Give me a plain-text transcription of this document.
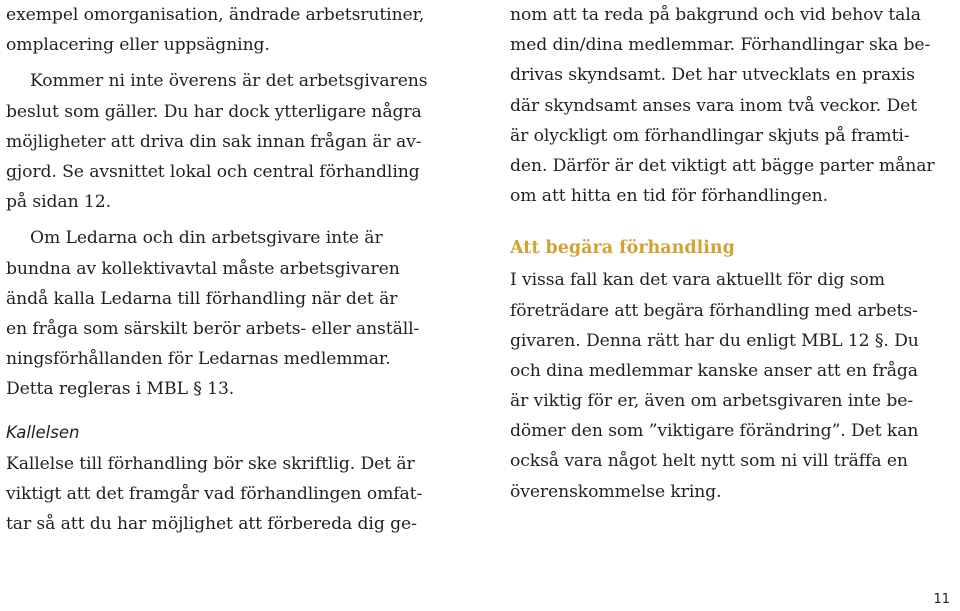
exempel omorganisation, ändrade arbetsrutiner,
omplacering eller uppsägning.
Kommer ni inte överens är det arbetsgivarens
beslut som gäller. Du har dock ytterligare några
möjligheter att driva din sak innan frågan är av-
gjord. Se avsnittet lokal och central förhandling
på sidan 12.
Om Ledarna och din arbetsgivare inte är
bundna av kollektivavtal måste arbetsgivaren
ändå kalla Ledarna till förhandling när det är
en fråga som särskilt berör arbets- eller anställ-
ningsförhållanden för Ledarnas medlemmar.
Detta regleras i MBL § 13.
Kallelsen
Kallelse till förhandling bör ske skriftlig. Det är
viktigt att det framgår vad förhandlingen omfat-
tar så att du har möjlighet att förbereda dig ge-
nom att ta reda på bakgrund och vid behov tala
med din/dina medlemmar. Förhandlingar ska be-
drivas skyndsamt. Det har utvecklats en praxis
där skyndsamt anses vara inom två veckor. Det
är olyckligt om förhandlingar skjuts på framti-
den. Därför är det viktigt att bägge parter månar
om att hitta en tid för förhandlingen.
Att begära förhandling
I vissa fall kan det vara aktuellt för dig som
företrädare att begära förhandling med arbets-
givaren. Denna rätt har du enligt MBL 12 §. Du
och dina medlemmar kanske anser att en fråga
är viktig för er, även om arbetsgivaren inte be-
dömer den som ”viktigare förändring”. Det kan
också vara något helt nytt som ni vill träffa en
överenskommelse kring.
11
